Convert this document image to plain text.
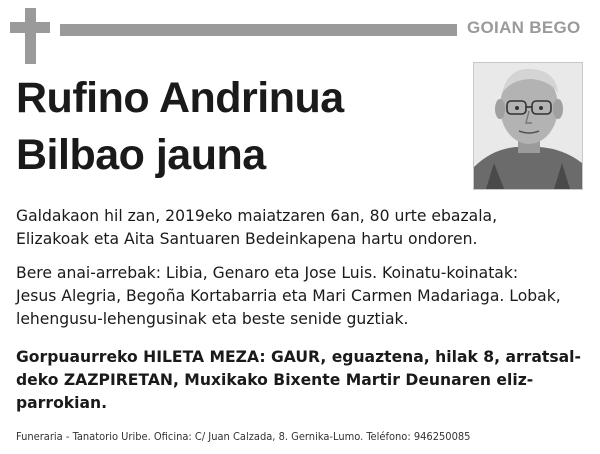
GOIAN BEGO
Rufino Andrinua
Bilbao jauna

Galdakaon hil zan, 2019eko maiatzaren 6an, 80 urte ebazala,
Elizakoak eta Aita Santuaren Bedeinkapena hartu ondoren.

Bere anai-arrebak: Libia, Genaro eta Jose Luis. Koinatu-koinatak:
Jesus Alegria, Begoña Kortabarria eta Mari Carmen Madariaga. Lobak,
lehengusu-lehengusinak eta beste senide guztiak.

Gorpuaurreko HILETA MEZA: GAUR, eguaztena, hilak 8, arratsal-
deko ZAZPIRETAN, Muxikako Bixente Martir Deunaren eliz-
parrokian.

Funeraria - Tanatorio Uribe. Oficina: C/ Juan Calzada, 8. Gernika-Lumo. Teléfono: 946250085
